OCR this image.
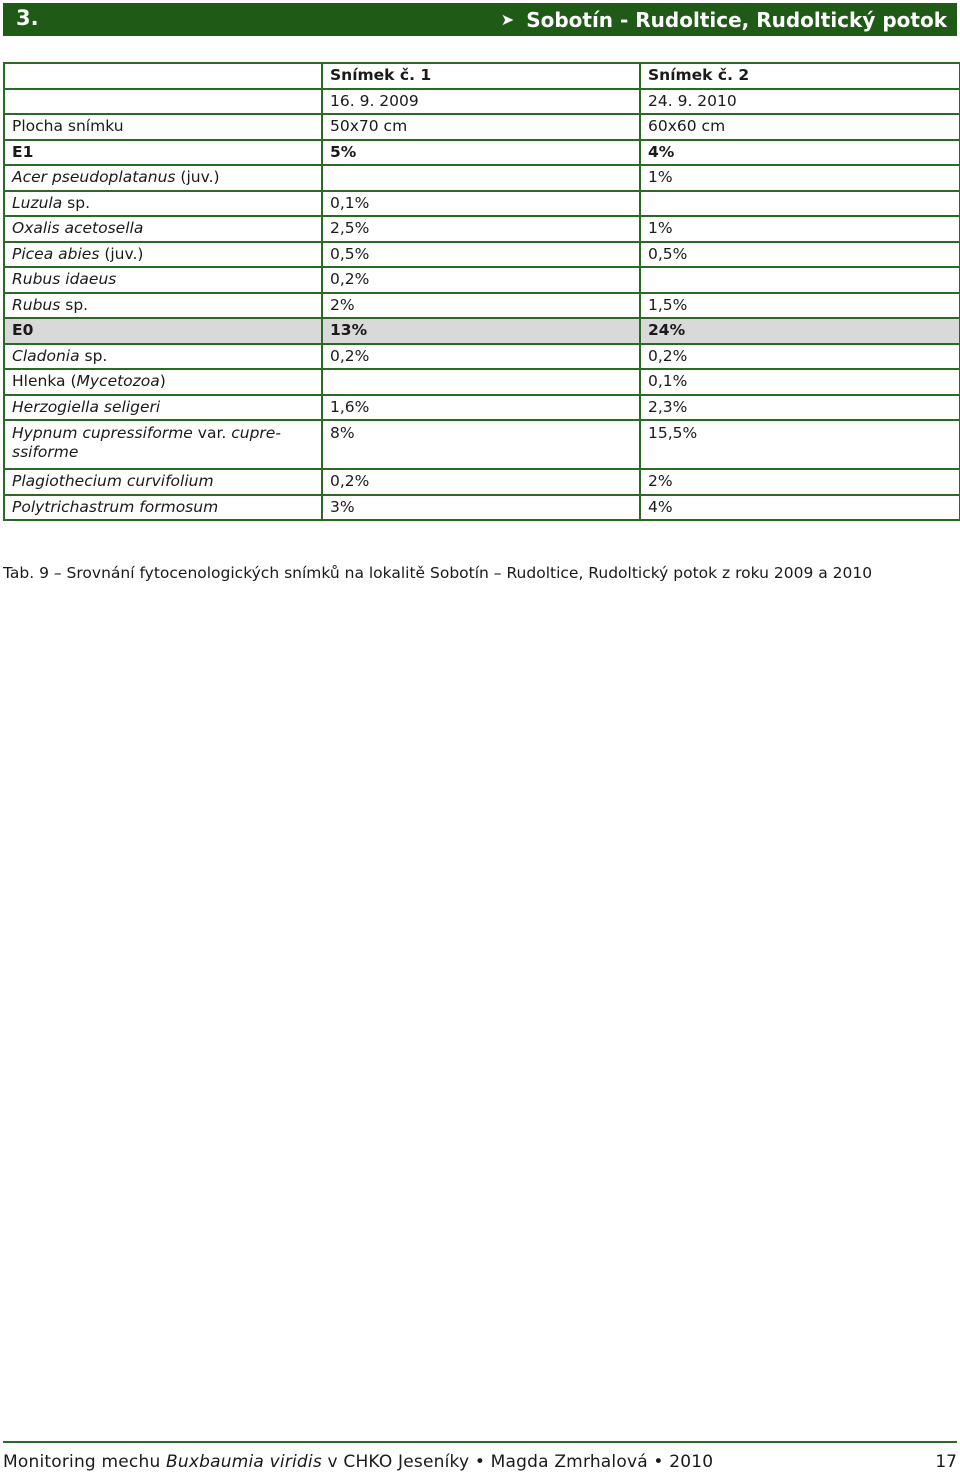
3.	➤ Sobotín - Rudoltice, Rudoltický potok
	Snímek č. 1	Snímek č. 2
	16. 9. 2009	24. 9. 2010
Plocha snímku	50x70 cm	60x60 cm
E1	5%	4%
Acer pseudoplatanus (juv.)		1%
Luzula sp.	0,1%	
Oxalis acetosella	2,5%	1%
Picea abies (juv.)	0,5%	0,5%
Rubus idaeus	0,2%	
Rubus sp.	2%	1,5%
E0	13%	24%
Cladonia sp.	0,2%	0,2%
Hlenka (Mycetozoa)		0,1%
Herzogiella seligeri	1,6%	2,3%
Hypnum cupressiforme var. cupre-
ssiforme	8%	15,5%
Plagiothecium curvifolium	0,2%	2%
Polytrichastrum formosum	3%	4%
Tab. 9 – Srovnání fytocenologických snímků na lokalitě Sobotín – Rudoltice, Rudoltický potok z roku 2009 a 2010
Monitoring mechu Buxbaumia viridis v CHKO Jeseníky • Magda Zmrhalová • 2010	17
